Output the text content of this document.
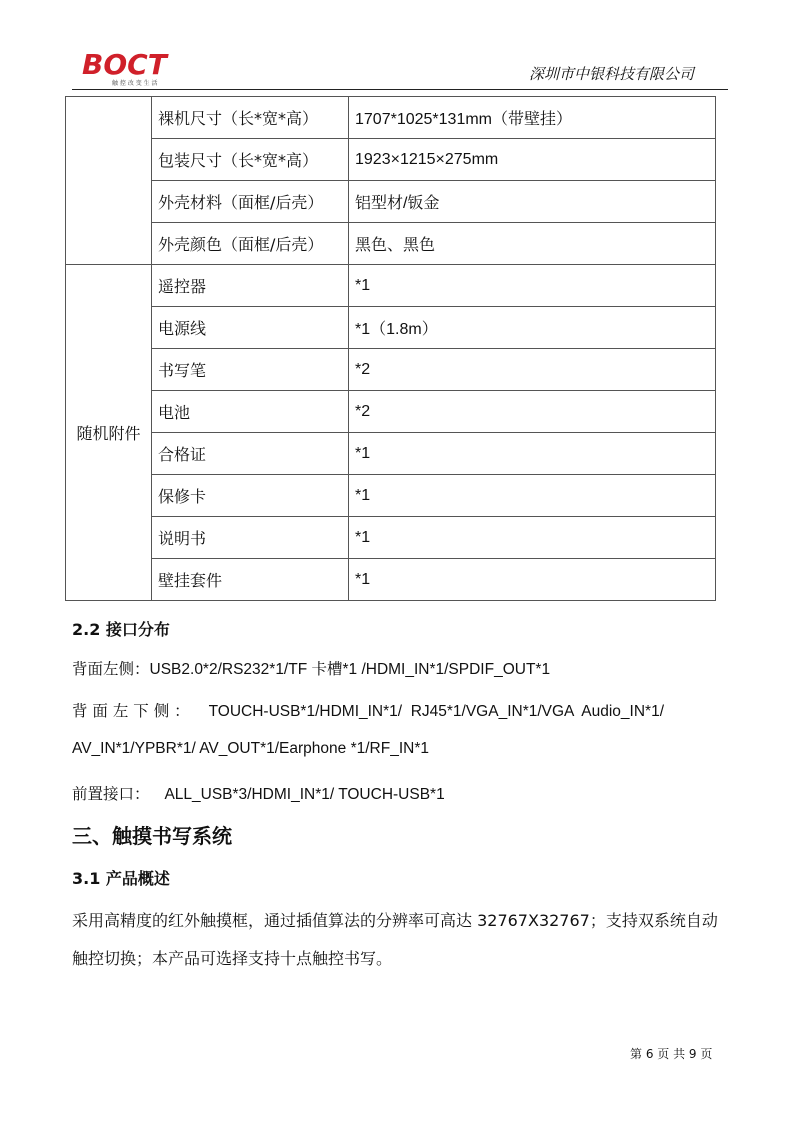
BOCT
触 控 改 变 生 活
深圳市中银科技有限公司
	裸机尺寸（长*宽*高）	1707*1025*131mm（带壁挂）
	包装尺寸（长*宽*高）	1923×1215×275mm
	外壳材料（面框/后壳）	铝型材/钣金
	外壳颜色（面框/后壳）	黑色、黑色
随机附件	遥控器	*1
	电源线	*1（1.8m）
	书写笔	*2
	电池	*2
	合格证	*1
	保修卡	*1
	说明书	*1
	壁挂套件	*1
2.2 接口分布
背面左侧：USB2.0*2/RS232*1/TF 卡槽*1 /HDMI_IN*1/SPDIF_OUT*1
背 面 左 下 侧 ： TOUCH-USB*1/HDMI_IN*1/  RJ45*1/VGA_IN*1/VGA  Audio_IN*1/
AV_IN*1/YPBR*1/ AV_OUT*1/Earphone *1/RF_IN*1
前置接口： ALL_USB*3/HDMI_IN*1/ TOUCH-USB*1
三、触摸书写系统
3.1 产品概述
采用高精度的红外触摸框，通过插值算法的分辨率可高达 32767X32767；支持双系统自动触控切换；本产品可选择支持十点触控书写。
第 6 页 共 9 页
